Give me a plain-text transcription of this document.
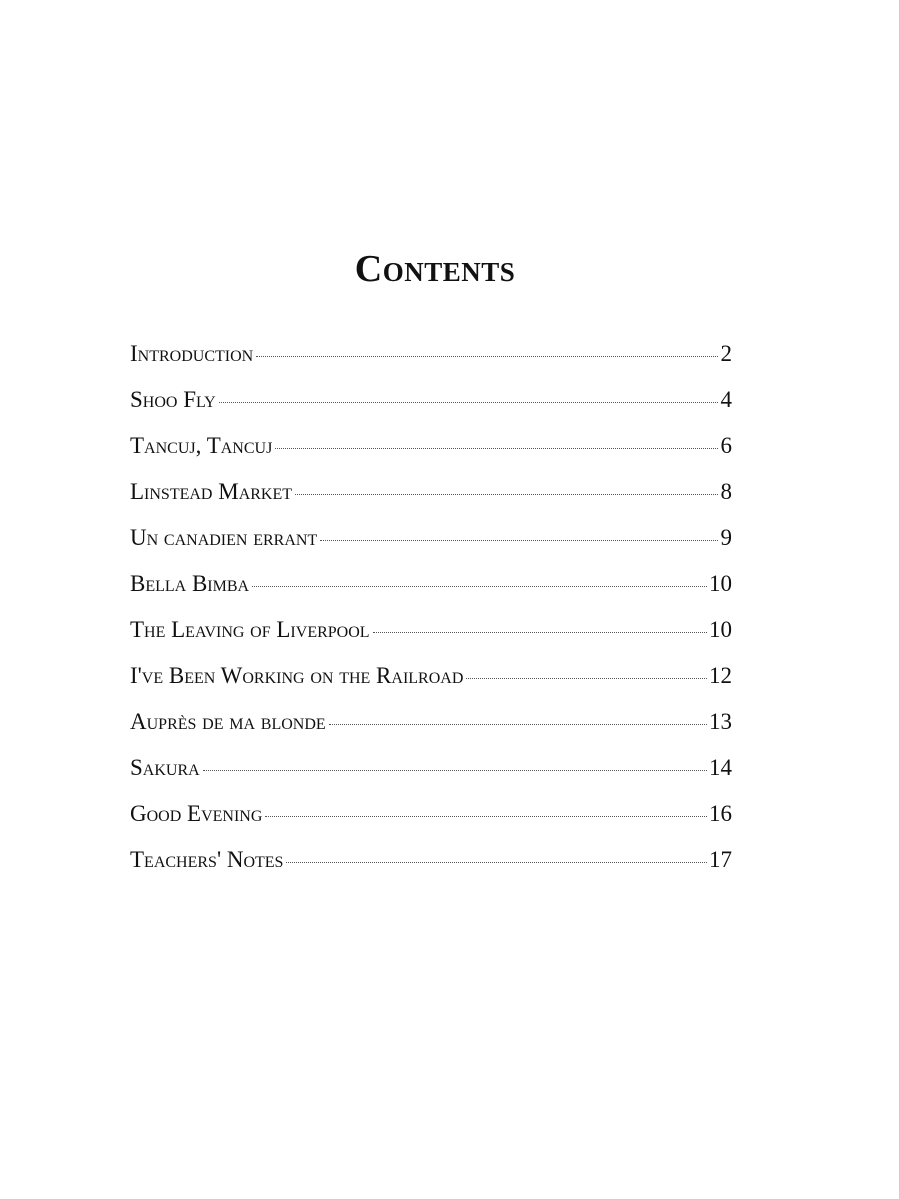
Contents
Introduction	2
Shoo Fly	4
Tancuj, Tancuj	6
Linstead Market	8
Un canadien errant	9
Bella Bimba	10
The Leaving of Liverpool	10
I've Been Working on the Railroad	12
Auprès de ma blonde	13
Sakura	14
Good Evening	16
Teachers' Notes	17
